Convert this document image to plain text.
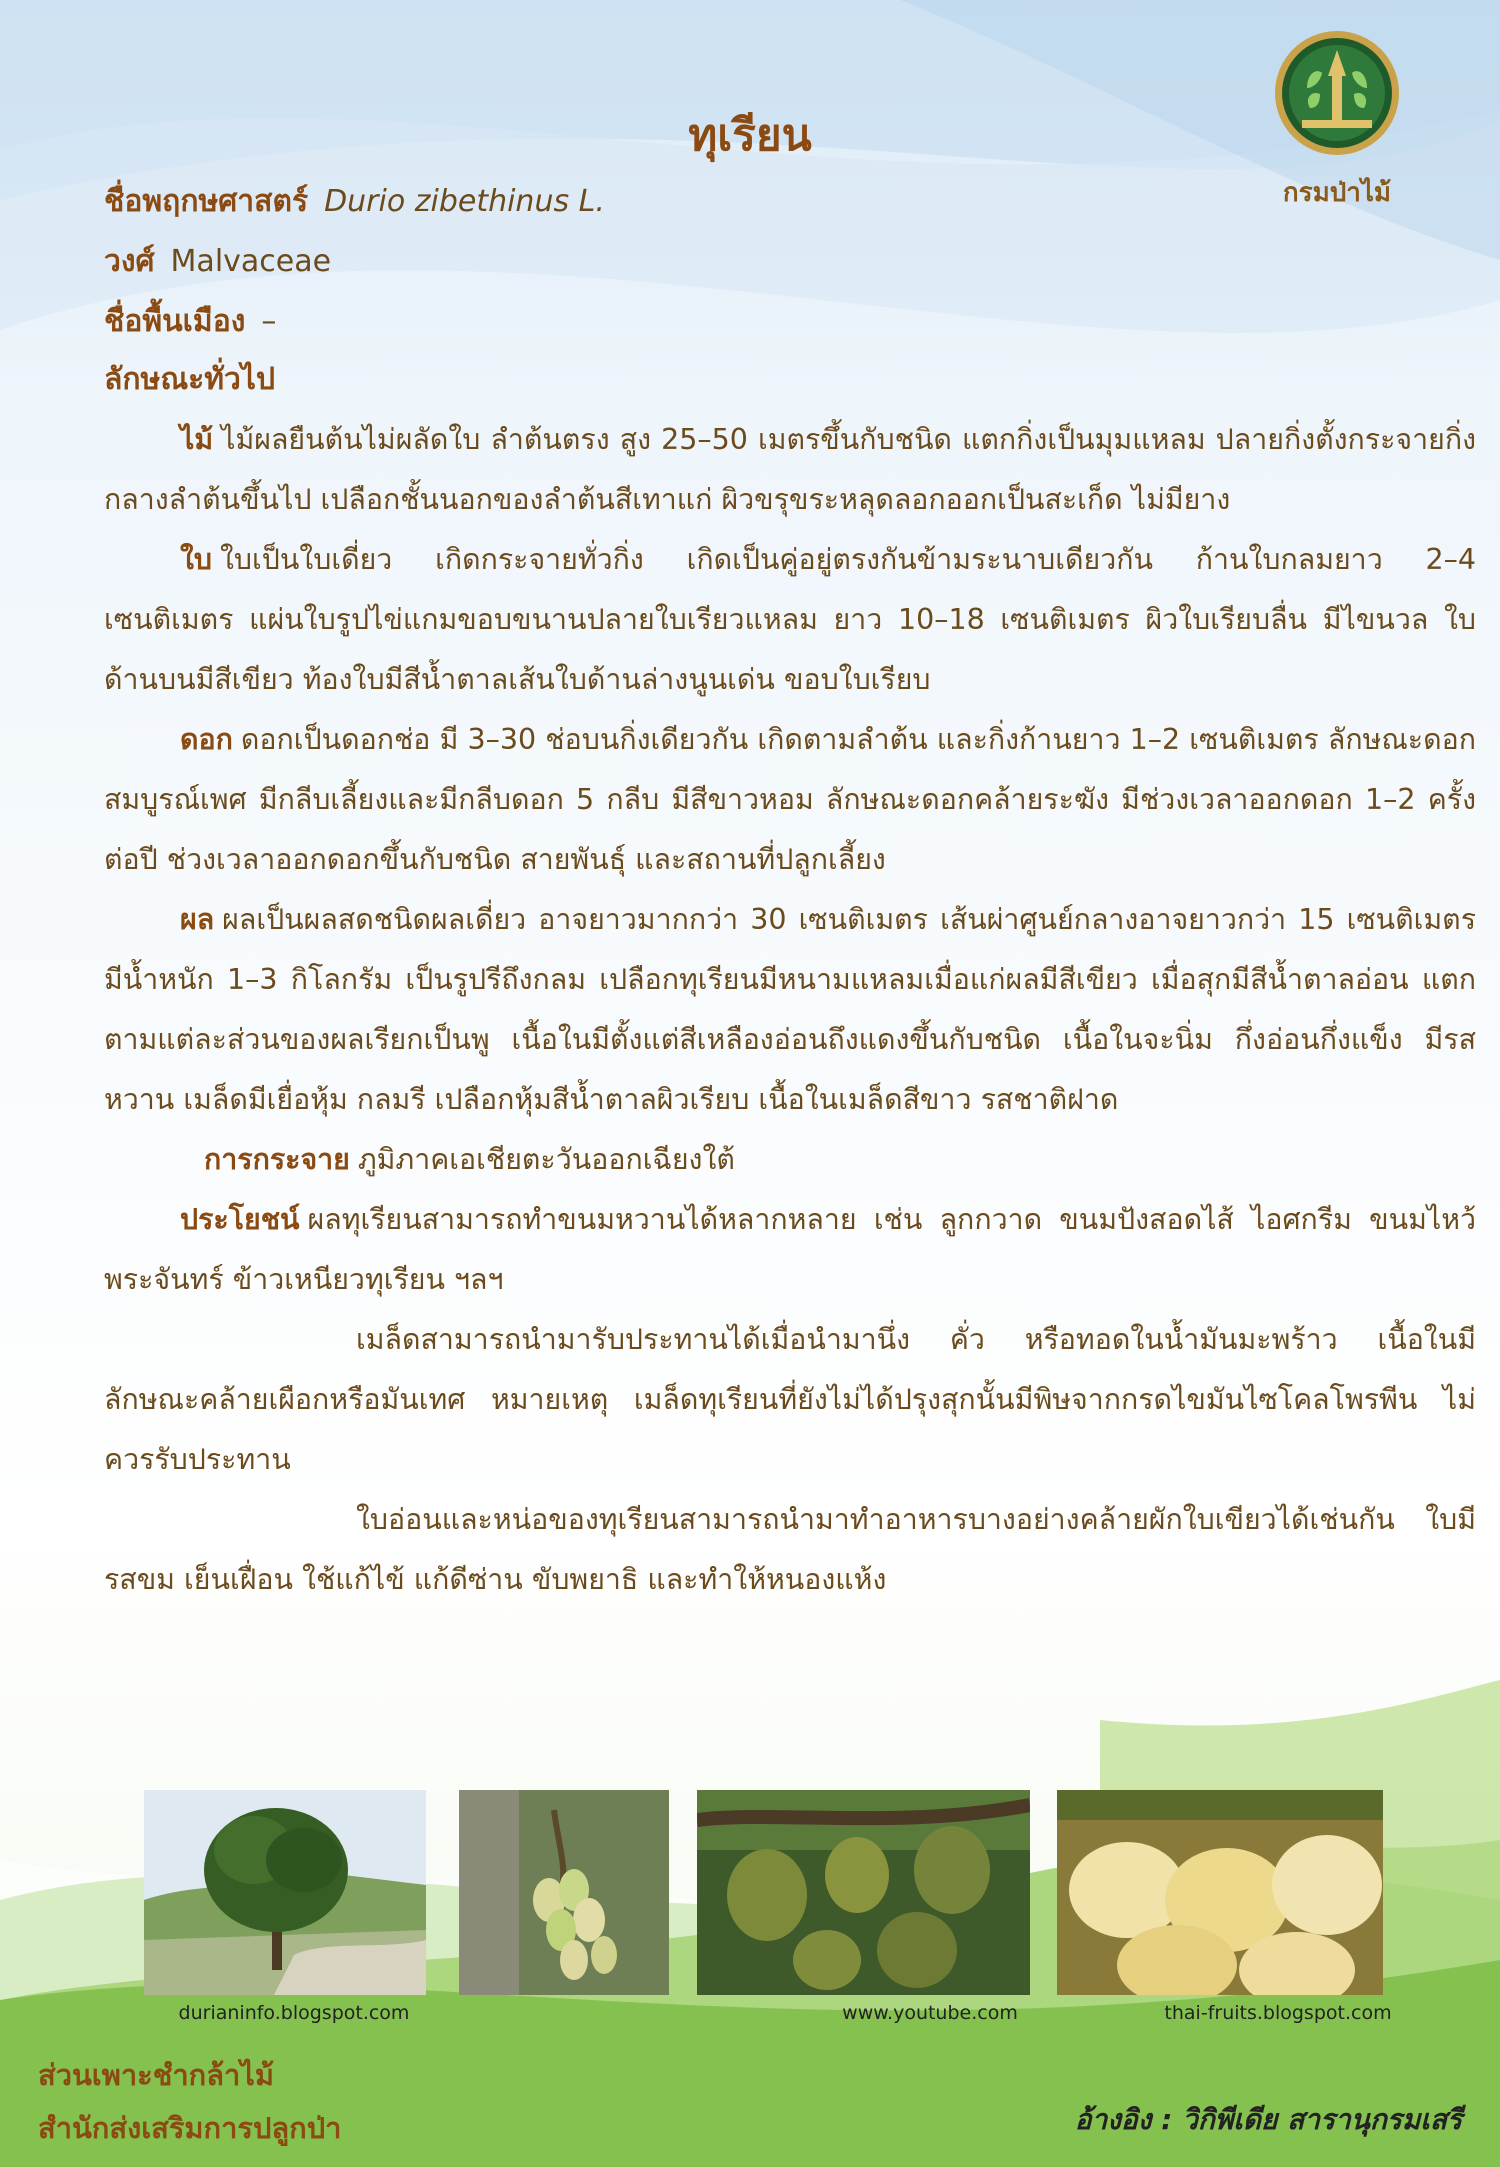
กรมป่าไม้
ทุเรียน
ชื่อพฤกษศาสตร์ Durio zibethinus L.
วงศ์ Malvaceae
ชื่อพื้นเมือง –
ลักษณะทั่วไป

ไม้ ไม้ผลยืนต้นไม่ผลัดใบ ลำต้นตรง สูง 25–50 เมตรขึ้นกับชนิด แตกกิ่งเป็นมุมแหลม ปลายกิ่งตั้งกระจายกิ่งกลางลำต้นขึ้นไป เปลือกชั้นนอกของลำต้นสีเทาแก่ ผิวขรุขระหลุดลอกออกเป็นสะเก็ด ไม่มียาง

ใบ ใบเป็นใบเดี่ยว เกิดกระจายทั่วกิ่ง เกิดเป็นคู่อยู่ตรงกันข้ามระนาบเดียวกัน ก้านใบกลมยาว 2–4 เซนติเมตร แผ่นใบรูปไข่แกมขอบขนานปลายใบเรียวแหลม ยาว 10–18 เซนติเมตร ผิวใบเรียบลื่น มีไขนวล ใบด้านบนมีสีเขียว ท้องใบมีสีน้ำตาลเส้นใบด้านล่างนูนเด่น ขอบใบเรียบ

ดอก ดอกเป็นดอกช่อ มี 3–30 ช่อบนกิ่งเดียวกัน เกิดตามลำต้น และกิ่งก้านยาว 1–2 เซนติเมตร ลักษณะดอกสมบูรณ์เพศ มีกลีบเลี้ยงและมีกลีบดอก 5 กลีบ มีสีขาวหอม ลักษณะดอกคล้ายระฆัง มีช่วงเวลาออกดอก 1–2 ครั้งต่อปี ช่วงเวลาออกดอกขึ้นกับชนิด สายพันธุ์ และสถานที่ปลูกเลี้ยง

ผล ผลเป็นผลสดชนิดผลเดี่ยว อาจยาวมากกว่า 30 เซนติเมตร เส้นผ่าศูนย์กลางอาจยาวกว่า 15 เซนติเมตร มีน้ำหนัก 1–3 กิโลกรัม เป็นรูปรีถึงกลม เปลือกทุเรียนมีหนามแหลมเมื่อแก่ผลมีสีเขียว เมื่อสุกมีสีน้ำตาลอ่อน แตกตามแต่ละส่วนของผลเรียกเป็นพู เนื้อในมีตั้งแต่สีเหลืองอ่อนถึงแดงขึ้นกับชนิด เนื้อในจะนิ่ม กึ่งอ่อนกึ่งแข็ง มีรสหวาน เมล็ดมีเยื่อหุ้ม กลมรี เปลือกหุ้มสีน้ำตาลผิวเรียบ เนื้อในเมล็ดสีขาว รสชาติฝาด

การกระจาย ภูมิภาคเอเชียตะวันออกเฉียงใต้

ประโยชน์ ผลทุเรียนสามารถทำขนมหวานได้หลากหลาย เช่น ลูกกวาด ขนมปังสอดไส้ ไอศกรีม ขนมไหว้พระจันทร์ ข้าวเหนียวทุเรียน ฯลฯ

เมล็ดสามารถนำมารับประทานได้เมื่อนำมานึ่ง คั่ว หรือทอดในน้ำมันมะพร้าว เนื้อในมีลักษณะคล้ายเผือกหรือมันเทศ หมายเหตุ เมล็ดทุเรียนที่ยังไม่ได้ปรุงสุกนั้นมีพิษจากกรดไขมันไซโคลโพรพีน ไม่ควรรับประทาน

ใบอ่อนและหน่อของทุเรียนสามารถนำมาทำอาหารบางอย่างคล้ายผักใบเขียวได้เช่นกัน ใบมีรสขม เย็นเฝื่อน ใช้แก้ไข้ แก้ดีซ่าน ขับพยาธิ และทำให้หนองแห้ง

durianinfo.blogspot.com	www.youtube.com	thai-fruits.blogspot.com
ส่วนเพาะชำกล้าไม้
สำนักส่งเสริมการปลูกป่า	อ้างอิง : วิกิพีเดีย สารานุกรมเสรี
